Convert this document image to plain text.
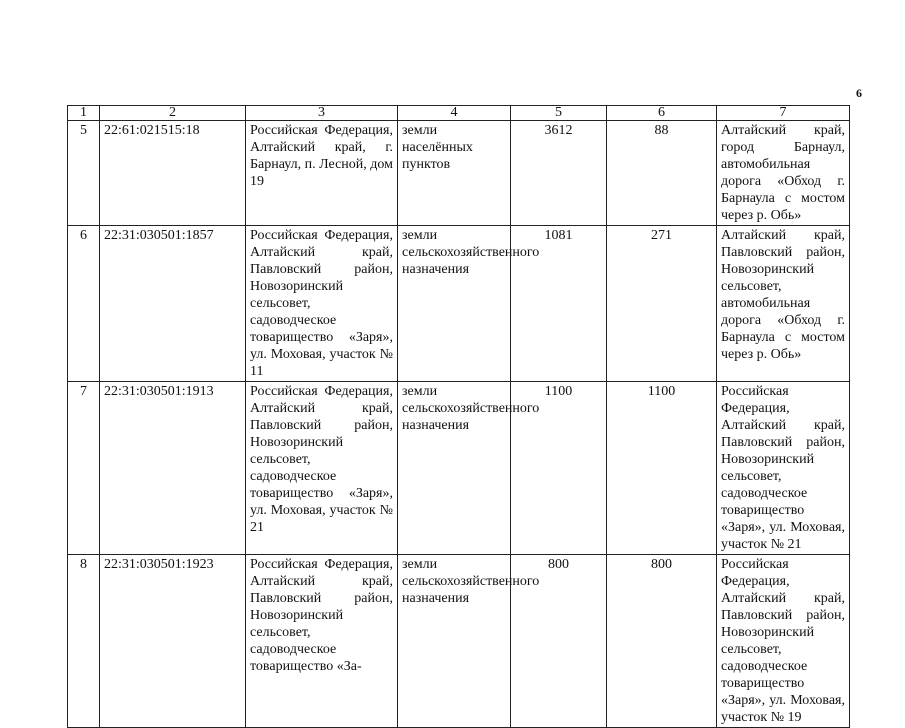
6
1	2	3	4	5	6	7
5	22:61:021515:18	Российская Федерация, Алтайский край, г. Барнаул, п. Лесной, дом 19	земли населённых пунктов	3612	88	Алтайский край, город Барнаул, автомобильная дорога «Обход г. Барнаула с мостом через р. Обь»
6	22:31:030501:1857	Российская Федерация, Алтайский край, Павловский район, Новозоринский сельсовет, садоводческое товарищество «Заря», ул. Моховая, участок № 11	земли сельскохозяйственного назначения	1081	271	Алтайский край, Павловский район, Новозоринский сельсовет, автомобильная дорога «Обход г. Барнаула с мостом через р. Обь»
7	22:31:030501:1913	Российская Федерация, Алтайский край, Павловский район, Новозоринский сельсовет, садоводческое товарищество «Заря», ул. Моховая, участок № 21	земли сельскохозяйственного назначения	1100	1100	Российская Федерация, Алтайский край, Павловский район, Новозоринский сельсовет, садоводческое товарищество «Заря», ул. Моховая, участок № 21
8	22:31:030501:1923	Российская Федерация, Алтайский край, Павловский район, Новозоринский сельсовет, садоводческое товарищество «За-	земли сельскохозяйственного назначения	800	800	Российская Федерация, Алтайский край, Павловский район, Новозоринский сельсовет, садоводческое товарищество «Заря», ул. Моховая, участок № 19
